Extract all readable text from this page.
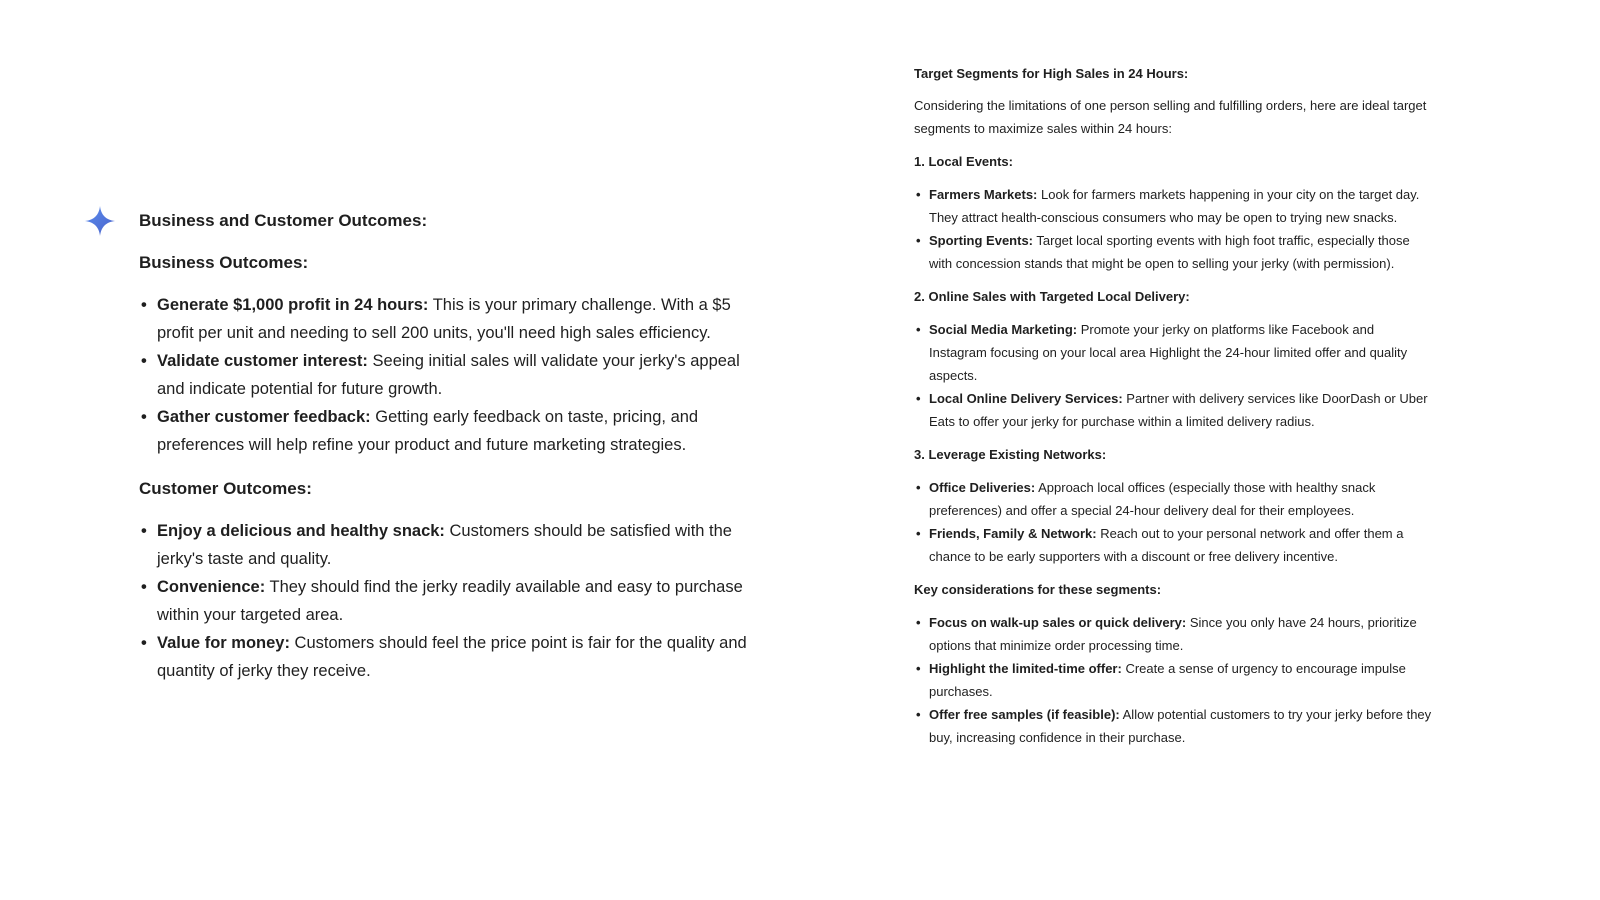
Business and Customer Outcomes:
Business Outcomes:
• Generate $1,000 profit in 24 hours: This is your primary challenge. With a $5 profit per unit and needing to sell 200 units, you'll need high sales efficiency.
• Validate customer interest: Seeing initial sales will validate your jerky's appeal and indicate potential for future growth.
• Gather customer feedback: Getting early feedback on taste, pricing, and preferences will help refine your product and future marketing strategies.
Customer Outcomes:
• Enjoy a delicious and healthy snack: Customers should be satisfied with the jerky's taste and quality.
• Convenience: They should find the jerky readily available and easy to purchase within your targeted area.
• Value for money: Customers should feel the price point is fair for the quality and quantity of jerky they receive.
Target Segments for High Sales in 24 Hours:
Considering the limitations of one person selling and fulfilling orders, here are ideal target segments to maximize sales within 24 hours:
1. Local Events:
• Farmers Markets: Look for farmers markets happening in your city on the target day. They attract health-conscious consumers who may be open to trying new snacks.
• Sporting Events: Target local sporting events with high foot traffic, especially those with concession stands that might be open to selling your jerky (with permission).
2. Online Sales with Targeted Local Delivery:
• Social Media Marketing: Promote your jerky on platforms like Facebook and Instagram focusing on your local area Highlight the 24-hour limited offer and quality aspects.
• Local Online Delivery Services: Partner with delivery services like DoorDash or Uber Eats to offer your jerky for purchase within a limited delivery radius.
3. Leverage Existing Networks:
• Office Deliveries: Approach local offices (especially those with healthy snack preferences) and offer a special 24-hour delivery deal for their employees.
• Friends, Family & Network: Reach out to your personal network and offer them a chance to be early supporters with a discount or free delivery incentive.
Key considerations for these segments:
• Focus on walk-up sales or quick delivery: Since you only have 24 hours, prioritize options that minimize order processing time.
• Highlight the limited-time offer: Create a sense of urgency to encourage impulse purchases.
• Offer free samples (if feasible): Allow potential customers to try your jerky before they buy, increasing confidence in their purchase.
